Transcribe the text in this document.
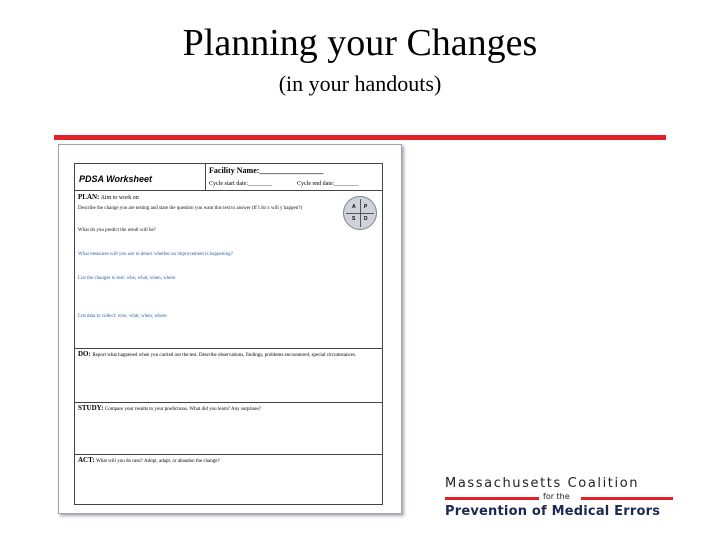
Planning your Changes
(in your handouts)
PDSA Worksheet
Facility Name:________________
Cycle start date:________	Cycle end date:________
PLAN: Aim to work on
Describe the change you are testing and state the question you want this test to answer (If I do x will y happen?)
What do you predict the result will be?
What measures will you use to detect whether an improvement is happening?
List the changes to test: who, what, when, where
List data to collect: who, what, when, where
A P
S D
DO: Report what happened when you carried out the test. Describe observations, findings, problems encountered, special circumstances.
STUDY: Compare your results to your predictions. What did you learn? Any surprises?
ACT: What will you do next? Adopt, adapt, or abandon the change?
Massachusetts Coalition
for the
Prevention of Medical Errors
